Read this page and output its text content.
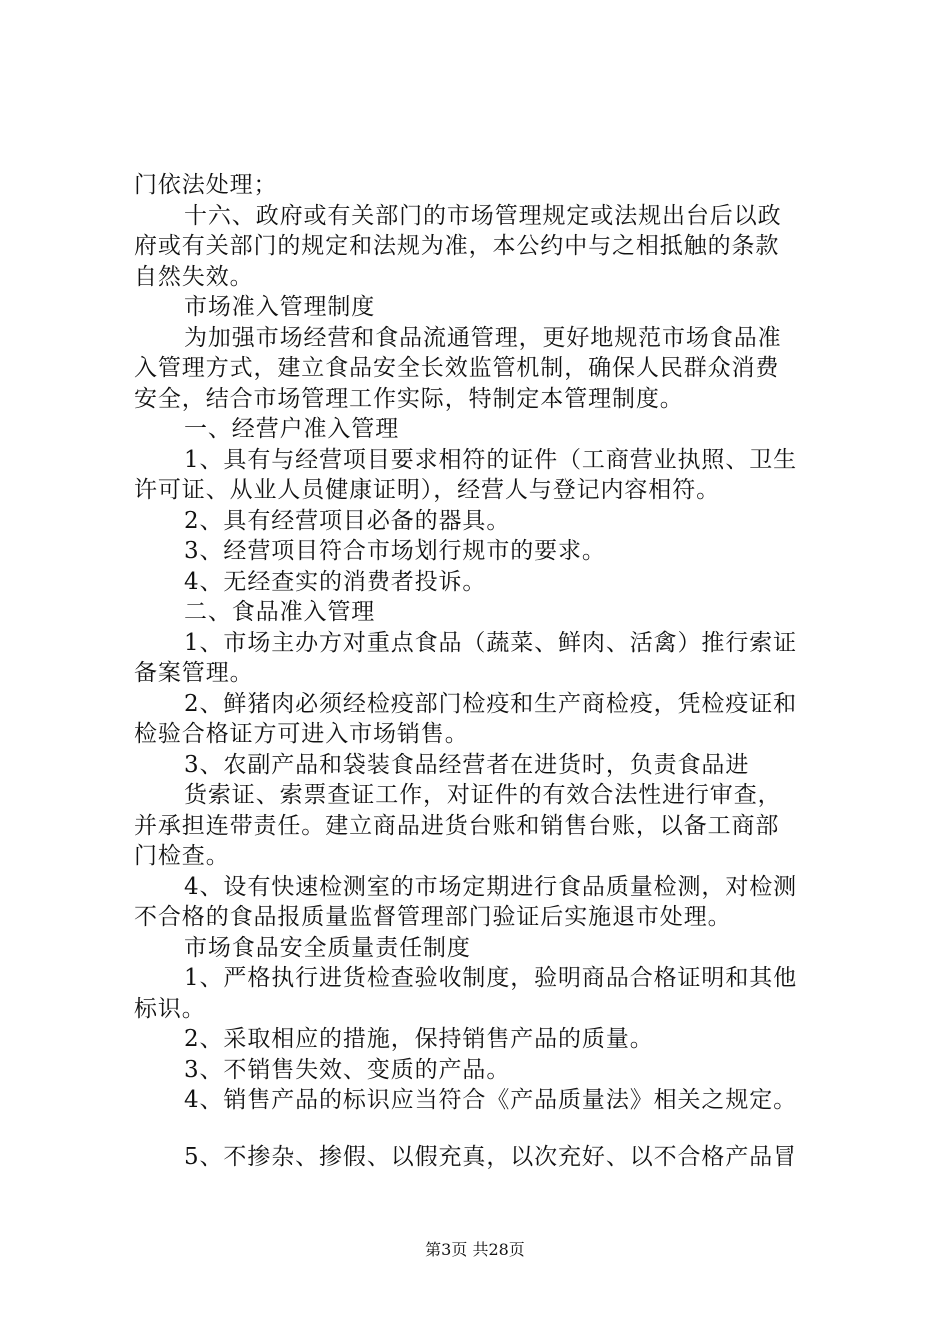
门依法处理；
十六、政府或有关部门的市场管理规定或法规出台后以政
府或有关部门的规定和法规为准，本公约中与之相抵触的条款
自然失效。
市场准入管理制度
为加强市场经营和食品流通管理，更好地规范市场食品准
入管理方式，建立食品安全长效监管机制，确保人民群众消费
安全，结合市场管理工作实际，特制定本管理制度。
一、经营户准入管理
1、具有与经营项目要求相符的证件（工商营业执照、卫生
许可证、从业人员健康证明），经营人与登记内容相符。
2、具有经营项目必备的器具。
3、经营项目符合市场划行规市的要求。
4、无经查实的消费者投诉。
二、食品准入管理
1、市场主办方对重点食品（蔬菜、鲜肉、活禽）推行索证
备案管理。
2、鲜猪肉必须经检疫部门检疫和生产商检疫，凭检疫证和
检验合格证方可进入市场销售。
3、农副产品和袋装食品经营者在进货时，负责食品进
货索证、索票查证工作，对证件的有效合法性进行审查，
并承担连带责任。建立商品进货台账和销售台账，以备工商部
门检查。
4、设有快速检测室的市场定期进行食品质量检测，对检测
不合格的食品报质量监督管理部门验证后实施退市处理。
市场食品安全质量责任制度
1、严格执行进货检查验收制度，验明商品合格证明和其他
标识。
2、采取相应的措施，保持销售产品的质量。
3、不销售失效、变质的产品。
4、销售产品的标识应当符合《产品质量法》相关之规定。
5、不掺杂、掺假、以假充真，以次充好、以不合格产品冒
第3页 共28页
